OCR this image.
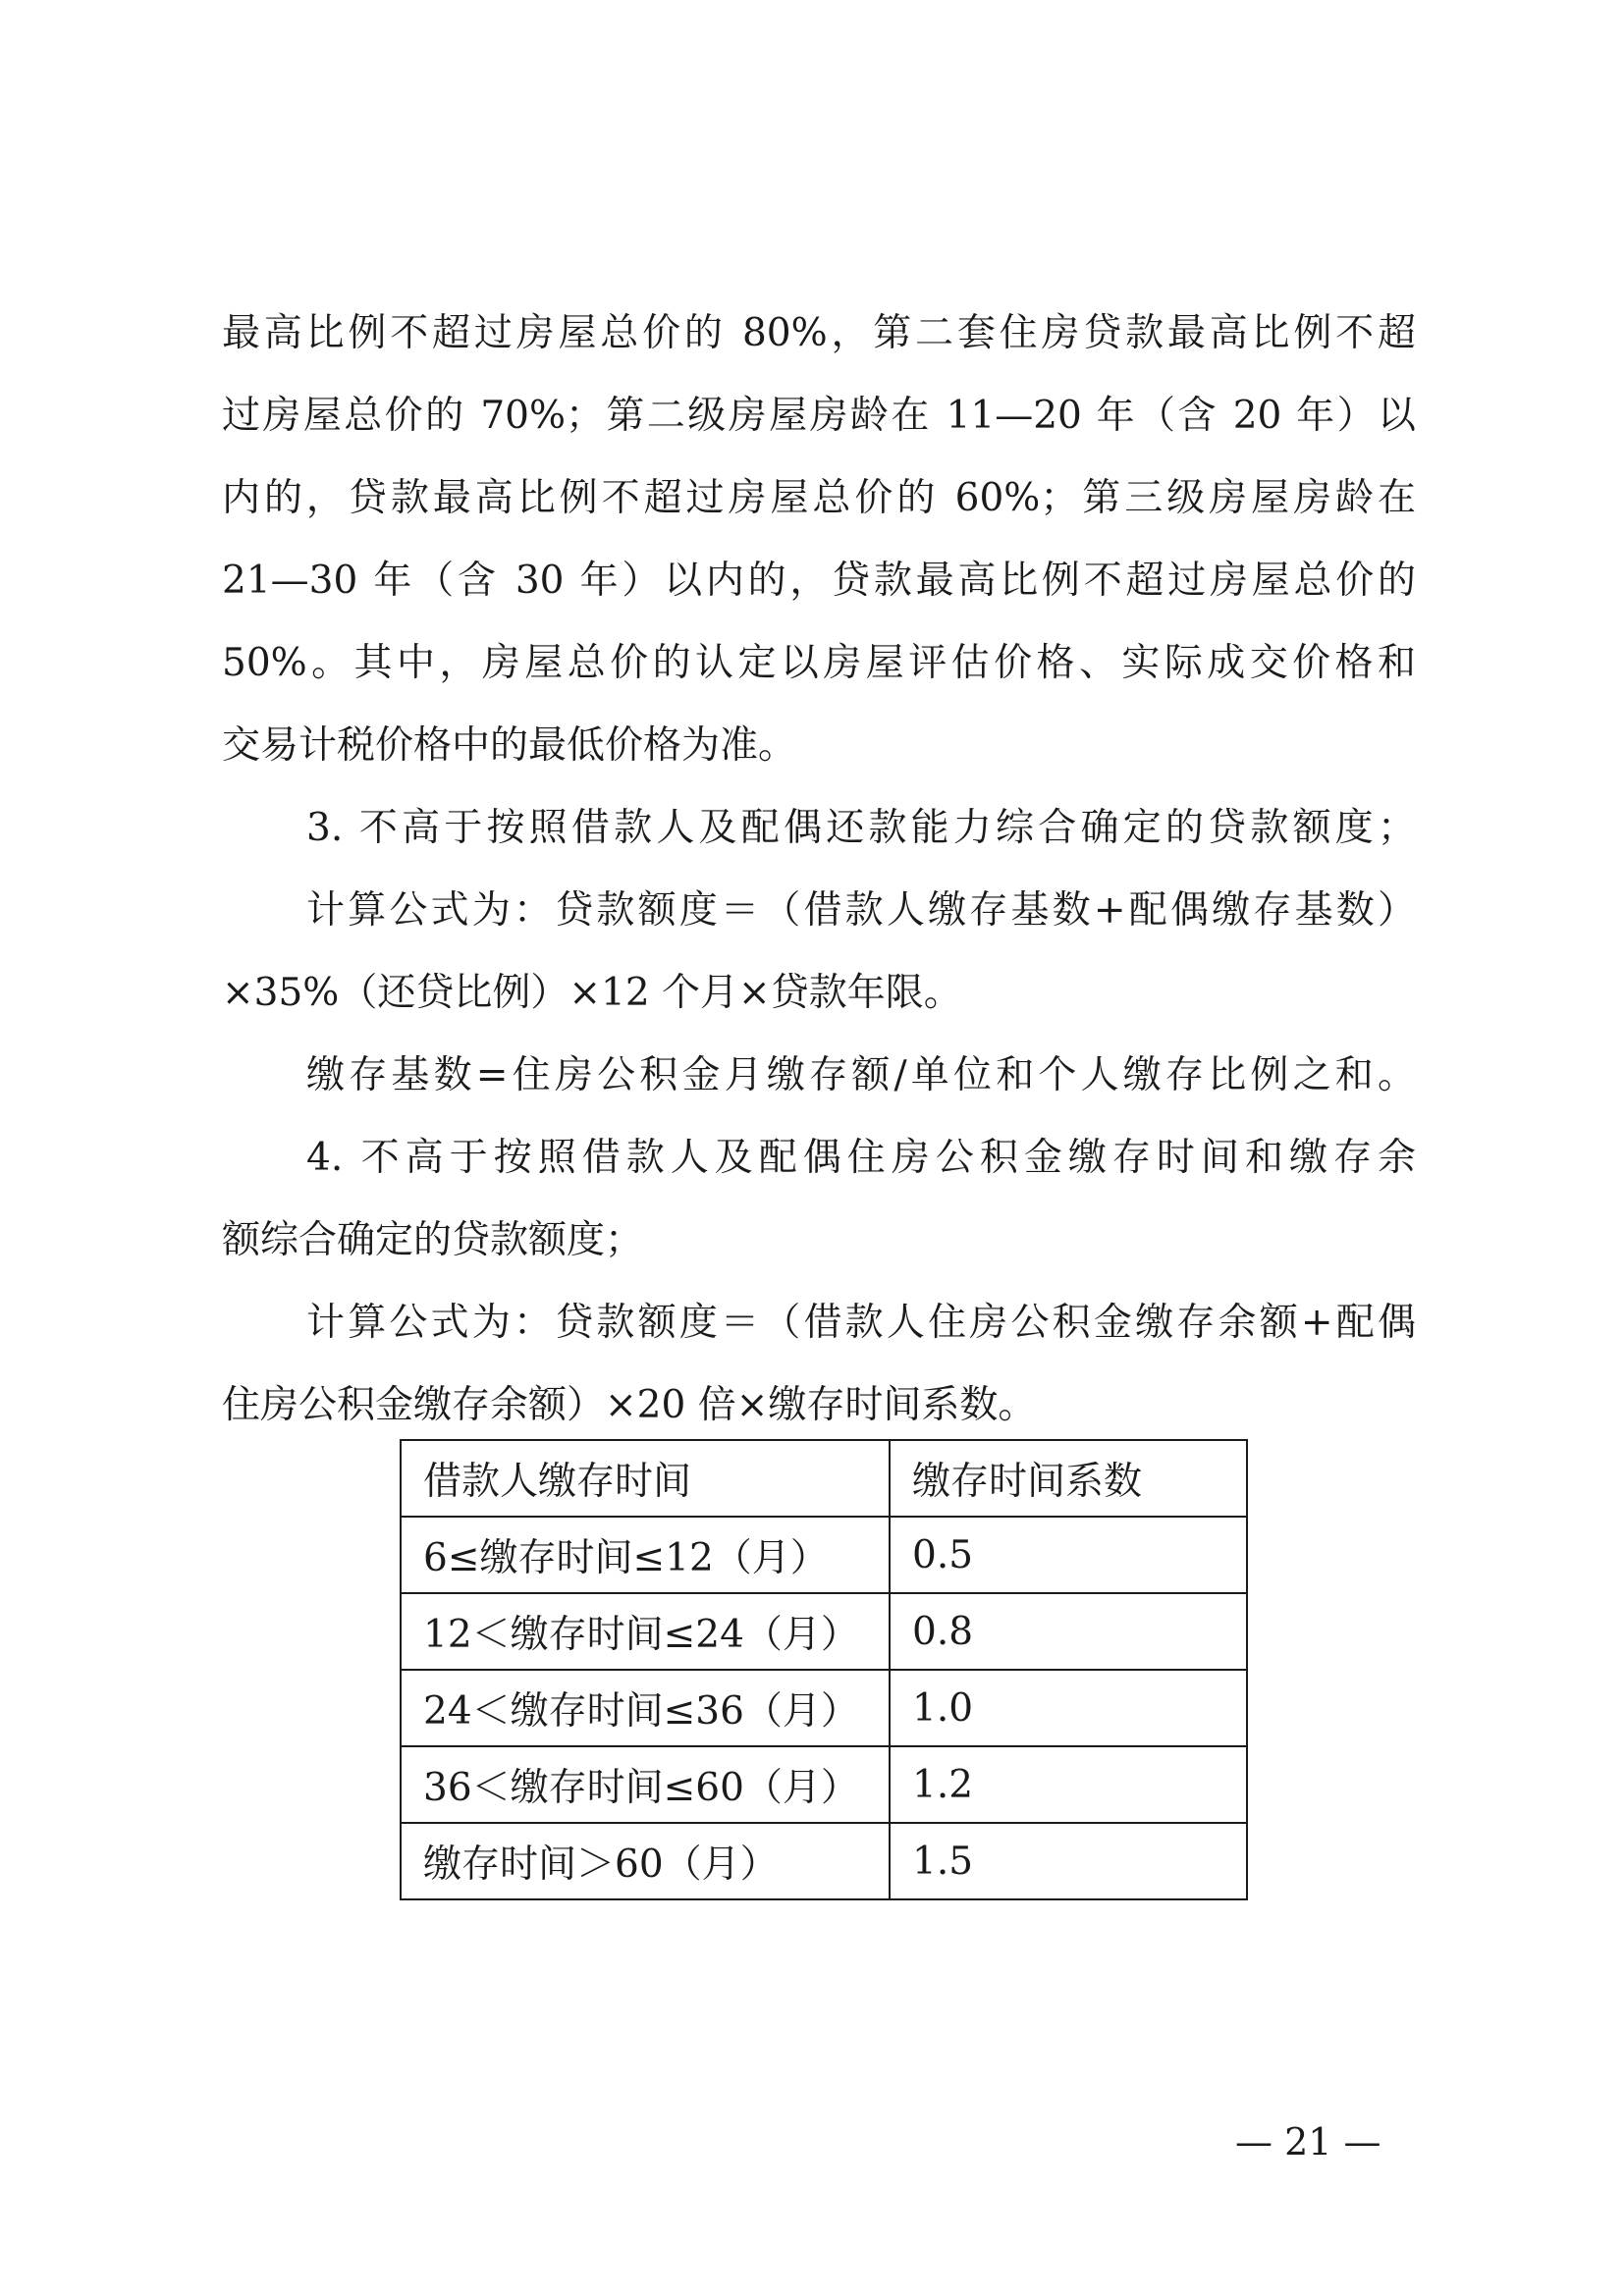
最高比例不超过房屋总价的 80%，第二套住房贷款最高比例不超
过房屋总价的 70%；第二级房屋房龄在 11—20 年（含 20 年）以
内的，贷款最高比例不超过房屋总价的 60%；第三级房屋房龄在
21—30 年（含 30 年）以内的，贷款最高比例不超过房屋总价的
50%。其中，房屋总价的认定以房屋评估价格、实际成交价格和
交易计税价格中的最低价格为准。
3. 不高于按照借款人及配偶还款能力综合确定的贷款额度；
计算公式为：贷款额度＝（借款人缴存基数+配偶缴存基数）
×35%（还贷比例）×12 个月×贷款年限。
缴存基数=住房公积金月缴存额/单位和个人缴存比例之和。
4. 不高于按照借款人及配偶住房公积金缴存时间和缴存余
额综合确定的贷款额度；
计算公式为：贷款额度＝（借款人住房公积金缴存余额+配偶
住房公积金缴存余额）×20 倍×缴存时间系数。
借款人缴存时间	缴存时间系数
6≤缴存时间≤12（月）	0.5
12＜缴存时间≤24（月）	0.8
24＜缴存时间≤36（月）	1.0
36＜缴存时间≤60（月）	1.2
缴存时间＞60（月）	1.5
— 21 —
